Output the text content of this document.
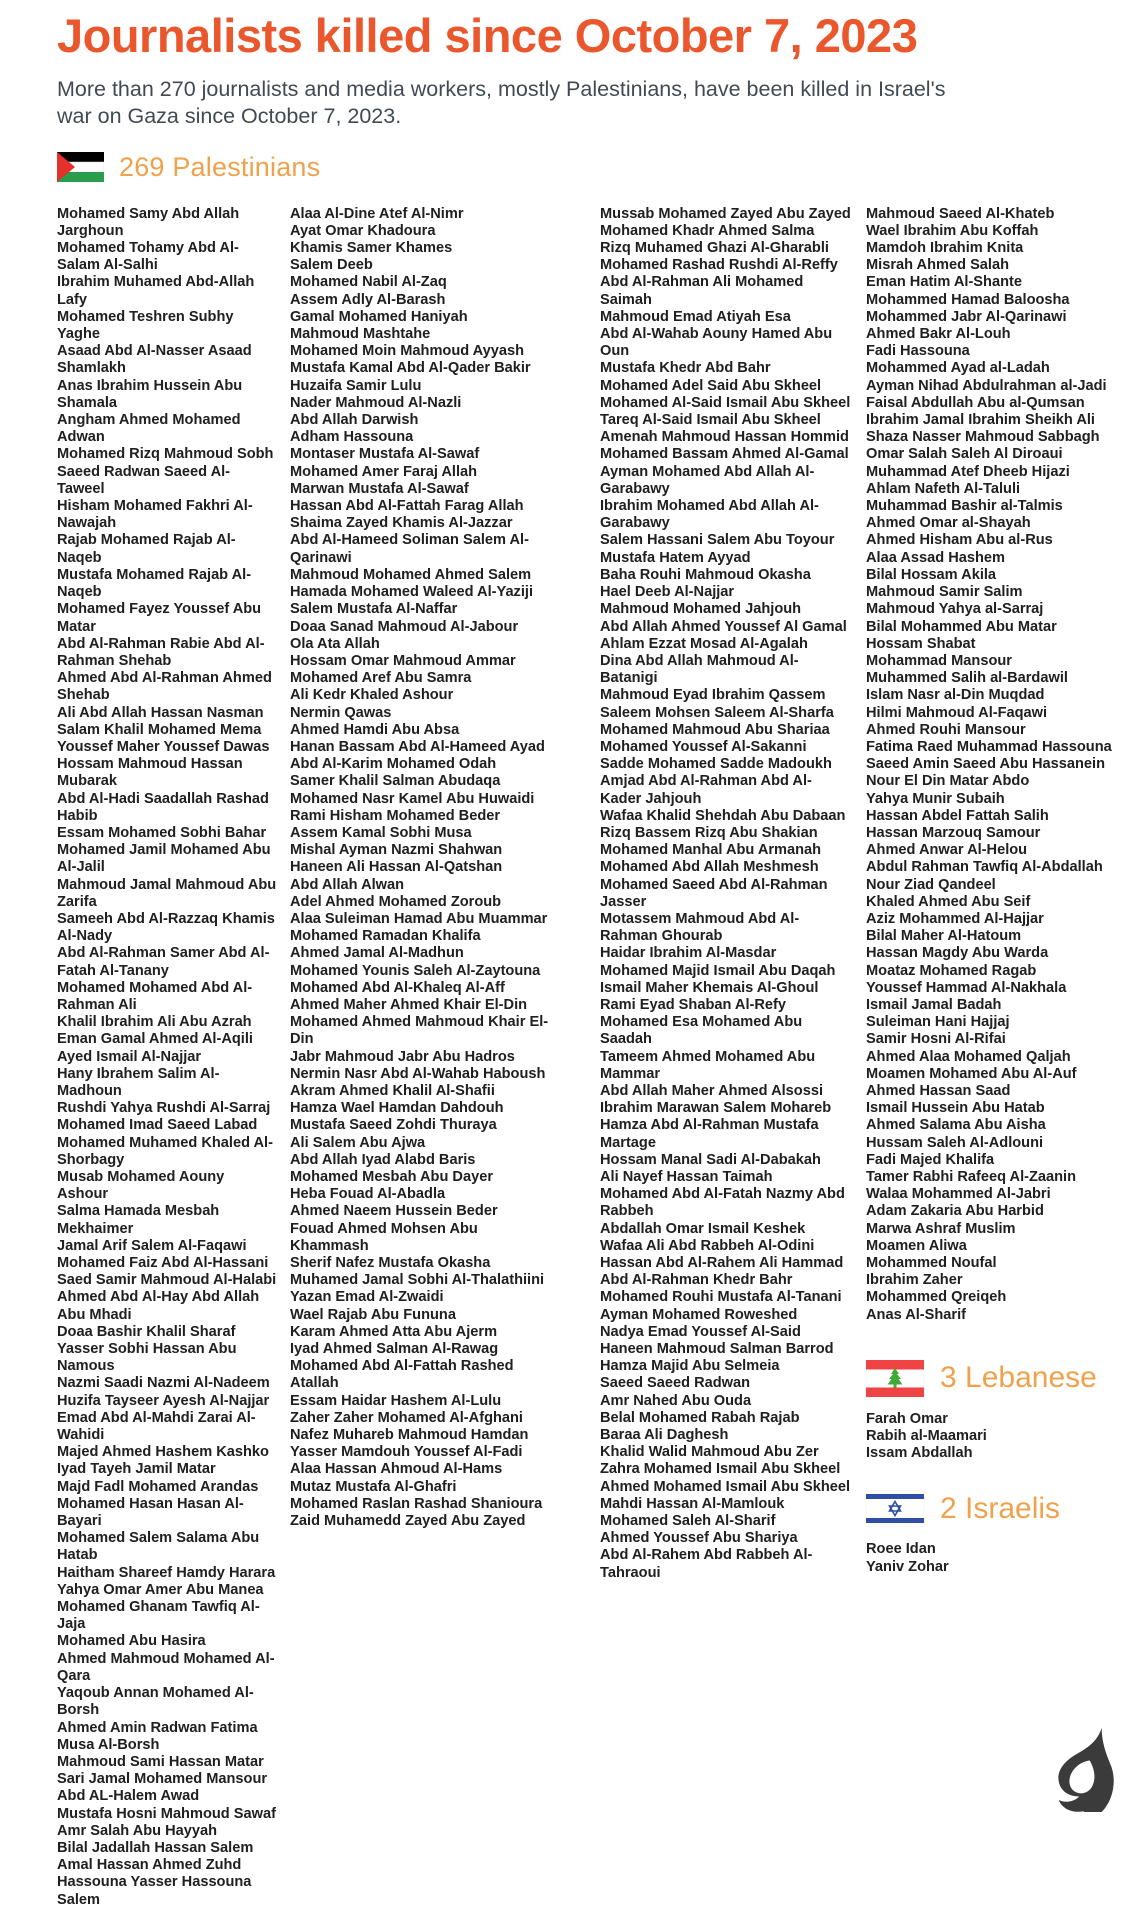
Journalists killed since October 7, 2023

More than 270 journalists and media workers, mostly Palestinians, have been killed in Israel's war on Gaza since October 7, 2023.

269 Palestinians
Mohamed Samy Abd Allah Jarghoun
Mohamed Tohamy Abd Al-Salam Al-Salhi
Ibrahim Muhamed Abd-Allah Lafy
Mohamed Teshren Subhy Yaghe
Asaad Abd Al-Nasser Asaad Shamlakh
Anas Ibrahim Hussein Abu Shamala
Angham Ahmed Mohamed Adwan
Mohamed Rizq Mahmoud Sobh
Saeed Radwan Saeed Al-Taweel
Hisham Mohamed Fakhri Al-Nawajah
Rajab Mohamed Rajab Al-Naqeb
Mustafa Mohamed Rajab Al-Naqeb
Mohamed Fayez Youssef Abu Matar
Abd Al-Rahman Rabie Abd Al-Rahman Shehab
Ahmed Abd Al-Rahman Ahmed Shehab
Ali Abd Allah Hassan Nasman
Salam Khalil Mohamed Mema
Youssef Maher Youssef Dawas
Hossam Mahmoud Hassan Mubarak
Abd Al-Hadi Saadallah Rashad Habib
Essam Mohamed Sobhi Bahar
Mohamed Jamil Mohamed Abu Al-Jalil
Mahmoud Jamal Mahmoud Abu Zarifa
Sameeh Abd Al-Razzaq Khamis Al-Nady
Abd Al-Rahman Samer Abd Al-Fatah Al-Tanany
Mohamed Mohamed Abd Al-Rahman Ali
Khalil Ibrahim Ali Abu Azrah
Eman Gamal Ahmed Al-Aqili
Ayed Ismail Al-Najjar
Hany Ibrahem Salim Al-Madhoun
Rushdi Yahya Rushdi Al-Sarraj
Mohamed Imad Saeed Labad
Mohamed Muhamed Khaled Al-Shorbagy
Musab Mohamed Aouny Ashour
Salma Hamada Mesbah Mekhaimer
Jamal Arif Salem Al-Faqawi
Mohamed Faiz Abd Al-Hassani
Saed Samir Mahmoud Al-Halabi
Ahmed Abd Al-Hay Abd Allah Abu Mhadi
Doaa Bashir Khalil Sharaf
Yasser Sobhi Hassan Abu Namous
Nazmi Saadi Nazmi Al-Nadeem
Huzifa Tayseer Ayesh Al-Najjar
Emad Abd Al-Mahdi Zarai Al-Wahidi
Majed Ahmed Hashem Kashko
Iyad Tayeh Jamil Matar
Majd Fadl Mohamed Arandas
Mohamed Hasan Hasan Al-Bayari
Mohamed Salem Salama Abu Hatab
Haitham Shareef Hamdy Harara
Yahya Omar Amer Abu Manea
Mohamed Ghanam Tawfiq Al-Jaja
Mohamed Abu Hasira
Ahmed Mahmoud Mohamed Al-Qara
Yaqoub Annan Mohamed Al-Borsh
Ahmed Amin Radwan Fatima
Musa Al-Borsh
Mahmoud Sami Hassan Matar
Sari Jamal Mohamed Mansour
Abd AL-Halem Awad
Mustafa Hosni Mahmoud Sawaf
Amr Salah Abu Hayyah
Bilal Jadallah Hassan Salem
Amal Hassan Ahmed Zuhd
Hassouna Yasser Hassouna Salem
Alaa Al-Dine Atef Al-Nimr
Ayat Omar Khadoura
Khamis Samer Khames
Salem Deeb
Mohamed Nabil Al-Zaq
Assem Adly Al-Barash
Gamal Mohamed Haniyah
Mahmoud Mashtahe
Mohamed Moin Mahmoud Ayyash
Mustafa Kamal Abd Al-Qader Bakir
Huzaifa Samir Lulu
Nader Mahmoud Al-Nazli
Abd Allah Darwish
Adham Hassouna
Montaser Mustafa Al-Sawaf
Mohamed Amer Faraj Allah
Marwan Mustafa Al-Sawaf
Hassan Abd Al-Fattah Farag Allah
Shaima Zayed Khamis Al-Jazzar
Abd Al-Hameed Soliman Salem Al-Qarinawi
Mahmoud Mohamed Ahmed Salem
Hamada Mohamed Waleed Al-Yaziji
Salem Mustafa Al-Naffar
Doaa Sanad Mahmoud Al-Jabour
Ola Ata Allah
Hossam Omar Mahmoud Ammar
Mohamed Aref Abu Samra
Ali Kedr Khaled Ashour
Nermin Qawas
Ahmed Hamdi Abu Absa
Hanan Bassam Abd Al-Hameed Ayad
Abd Al-Karim Mohamed Odah
Samer Khalil Salman Abudaqa
Mohamed Nasr Kamel Abu Huwaidi
Rami Hisham Mohamed Beder
Assem Kamal Sobhi Musa
Mishal Ayman Nazmi Shahwan
Haneen Ali Hassan Al-Qatshan
Abd Allah Alwan
Adel Ahmed Mohamed Zoroub
Alaa Suleiman Hamad Abu Muammar
Mohamed Ramadan Khalifa
Ahmed Jamal Al-Madhun
Mohamed Younis Saleh Al-Zaytouna
Mohamed Abd Al-Khaleq Al-Aff
Ahmed Maher Ahmed Khair El-Din
Mohamed Ahmed Mahmoud Khair El-Din
Jabr Mahmoud Jabr Abu Hadros
Nermin Nasr Abd Al-Wahab Haboush
Akram Ahmed Khalil Al-Shafii
Hamza Wael Hamdan Dahdouh
Mustafa Saeed Zohdi Thuraya
Ali Salem Abu Ajwa
Abd Allah Iyad Alabd Baris
Mohamed Mesbah Abu Dayer
Heba Fouad Al-Abadla
Ahmed Naeem Hussein Beder
Fouad Ahmed Mohsen Abu Khammash
Sherif Nafez Mustafa Okasha
Muhamed Jamal Sobhi Al-Thalathiini
Yazan Emad Al-Zwaidi
Wael Rajab Abu Fununa
Karam Ahmed Atta Abu Ajerm
Iyad Ahmed Salman Al-Rawag
Mohamed Abd Al-Fattah Rashed Atallah
Essam Haidar Hashem Al-Lulu
Zaher Zaher Mohamed Al-Afghani
Nafez Muhareb Mahmoud Hamdan
Yasser Mamdouh Youssef Al-Fadi
Alaa Hassan Ahmoud Al-Hams
Mutaz Mustafa Al-Ghafri
Mohamed Raslan Rashad Shanioura
Zaid Muhamedd Zayed Abu Zayed
Mussab Mohamed Zayed Abu Zayed
Mohamed Khadr Ahmed Salma
Rizq Muhamed Ghazi Al-Gharabli
Mohamed Rashad Rushdi Al-Reffy
Abd Al-Rahman Ali Mohamed Saimah
Mahmoud Emad Atiyah Esa
Abd Al-Wahab Aouny Hamed Abu Oun
Mustafa Khedr Abd Bahr
Mohamed Adel Said Abu Skheel
Mohamed Al-Said Ismail Abu Skheel
Tareq Al-Said Ismail Abu Skheel
Amenah Mahmoud Hassan Hommid
Mohamed Bassam Ahmed Al-Gamal
Ayman Mohamed Abd Allah Al-Garabawy
Ibrahim Mohamed Abd Allah Al-Garabawy
Salem Hassani Salem Abu Toyour
Mustafa Hatem Ayyad
Baha Rouhi Mahmoud Okasha
Hael Deeb Al-Najjar
Mahmoud Mohamed Jahjouh
Abd Allah Ahmed Youssef Al Gamal
Ahlam Ezzat Mosad Al-Agalah
Dina Abd Allah Mahmoud Al-Batanigi
Mahmoud Eyad Ibrahim Qassem
Saleem Mohsen Saleem Al-Sharfa
Mohamed Mahmoud Abu Shariaa
Mohamed Youssef Al-Sakanni
Sadde Mohamed Sadde Madoukh
Amjad Abd Al-Rahman Abd Al-Kader Jahjouh
Wafaa Khalid Shehdah Abu Dabaan
Rizq Bassem Rizq Abu Shakian
Mohamed Manhal Abu Armanah
Mohamed Abd Allah Meshmesh
Mohamed Saeed Abd Al-Rahman Jasser
Motassem Mahmoud Abd Al-Rahman Ghourab
Haidar Ibrahim Al-Masdar
Mohamed Majid Ismail Abu Daqah
Ismail Maher Khemais Al-Ghoul
Rami Eyad Shaban Al-Refy
Mohamed Esa Mohamed Abu Saadah
Tameem Ahmed Mohamed Abu Mammar
Abd Allah Maher Ahmed Alsossi
Ibrahim Marawan Salem Mohareb
Hamza Abd Al-Rahman Mustafa Martage
Hossam Manal Sadi Al-Dabakah
Ali Nayef Hassan Taimah
Mohamed Abd Al-Fatah Nazmy Abd Rabbeh
Abdallah Omar Ismail Keshek
Wafaa Ali Abd Rabbeh Al-Odini
Hassan Abd Al-Rahem Ali Hammad
Abd Al-Rahman Khedr Bahr
Mohamed Rouhi Mustafa Al-Tanani
Ayman Mohamed Roweshed
Nadya Emad Youssef Al-Said
Haneen Mahmoud Salman Barrod
Hamza Majid Abu Selmeia
Saeed Saeed Radwan
Amr Nahed Abu Ouda
Belal Mohamed Rabah Rajab
Baraa Ali Daghesh
Khalid Walid Mahmoud Abu Zer
Zahra Mohamed Ismail Abu Skheel
Ahmed Mohamed Ismail Abu Skheel
Mahdi Hassan Al-Mamlouk
Mohamed Saleh Al-Sharif
Ahmed Youssef Abu Shariya
Abd Al-Rahem Abd Rabbeh Al-Tahraoui
Mahmoud Saeed Al-Khateb
Wael Ibrahim Abu Koffah
Mamdoh Ibrahim Knita
Misrah Ahmed Salah
Eman Hatim Al-Shante
Mohammed Hamad Baloosha
Mohammed Jabr Al-Qarinawi
Ahmed Bakr Al-Louh
Fadi Hassouna
Mohammed Ayad al-Ladah
Ayman Nihad Abdulrahman al-Jadi
Faisal Abdullah Abu al-Qumsan
Ibrahim Jamal Ibrahim Sheikh Ali
Shaza Nasser Mahmoud Sabbagh
Omar Salah Saleh Al Diroaui
Muhammad Atef Dheeb Hijazi
Ahlam Nafeth Al-Taluli
Muhammad Bashir al-Talmis
Ahmed Omar al-Shayah
Ahmed Hisham Abu al-Rus
Alaa Assad Hashem
Bilal Hossam Akila
Mahmoud Samir Salim
Mahmoud Yahya al-Sarraj
Bilal Mohammed Abu Matar
Hossam Shabat
Mohammad Mansour
Muhammed Salih al-Bardawil
Islam Nasr al-Din Muqdad
Hilmi Mahmoud Al-Faqawi
Ahmed Rouhi Mansour
Fatima Raed Muhammad Hassouna
Saeed Amin Saeed Abu Hassanein
Nour El Din Matar Abdo
Yahya Munir Subaih
Hassan Abdel Fattah Salih
Hassan Marzouq Samour
Ahmed Anwar Al-Helou
Abdul Rahman Tawfiq Al-Abdallah
Nour Ziad Qandeel
Khaled Ahmed Abu Seif
Aziz Mohammed Al-Hajjar
Bilal Maher Al-Hatoum
Hassan Magdy Abu Warda
Moataz Mohamed Ragab
Youssef Hammad Al-Nakhala
Ismail Jamal Badah
Suleiman Hani Hajjaj
Samir Hosni Al-Rifai
Ahmed Alaa Mohamed Qaljah
Moamen Mohamed Abu Al-Auf
Ahmed Hassan Saad
Ismail Hussein Abu Hatab
Ahmed Salama Abu Aisha
Hussam Saleh Al-Adlouni
Fadi Majed Khalifa
Tamer Rabhi Rafeeq Al-Zaanin
Walaa Mohammed Al-Jabri
Adam Zakaria Abu Harbid
Marwa Ashraf Muslim
Moamen Aliwa
Mohammed Noufal
Ibrahim Zaher
Mohammed Qreiqeh
Anas Al-Sharif
3 Lebanese
Farah Omar
Rabih al-Maamari
Issam Abdallah
2 Israelis
Roee Idan
Yaniv Zohar
